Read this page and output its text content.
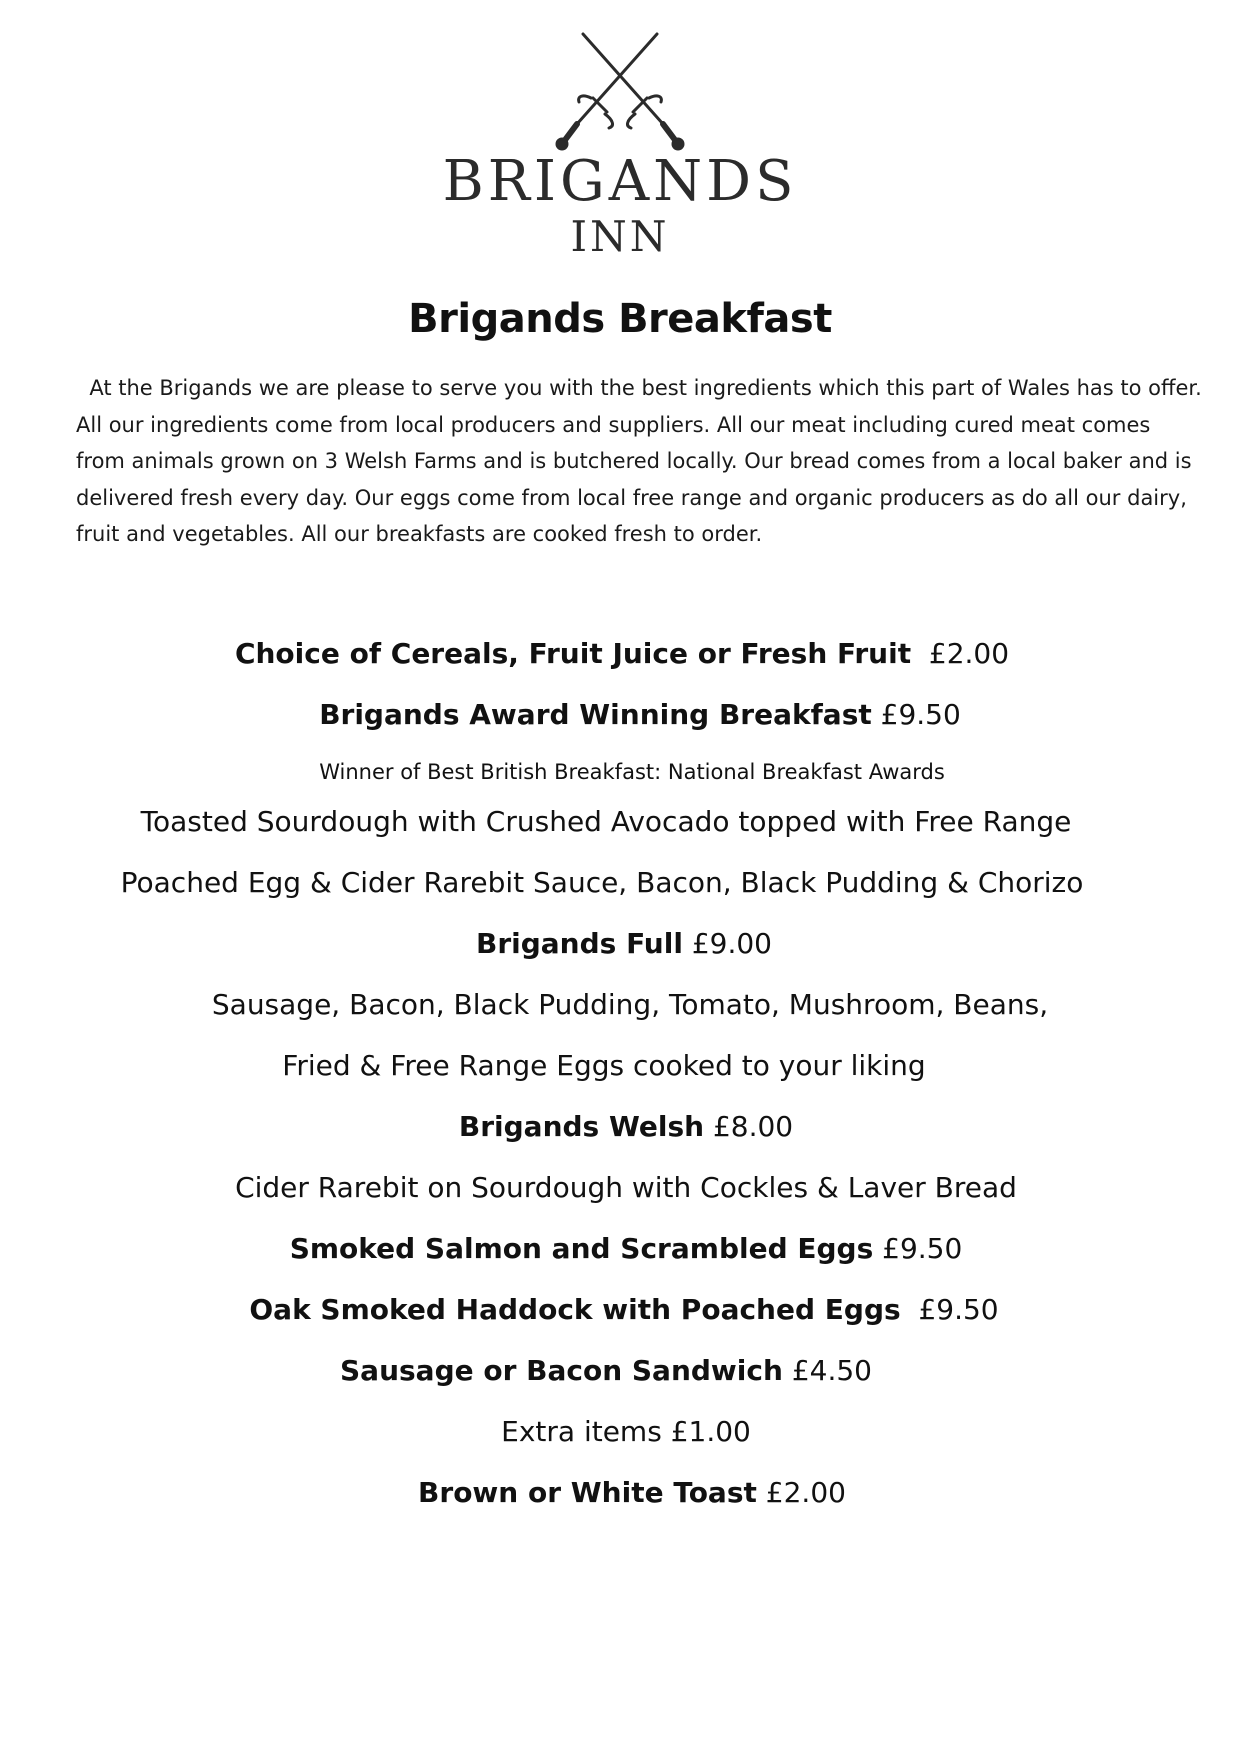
BRIGANDS
INN
Brigands Breakfast
At the Brigands we are please to serve you with the best ingredients which this part of Wales has to offer.
All our ingredients come from local producers and suppliers. All our meat including cured meat comes
from animals grown on 3 Welsh Farms and is butchered locally. Our bread comes from a local baker and is
delivered fresh every day. Our eggs come from local free range and organic producers as do all our dairy,
fruit and vegetables. All our breakfasts are cooked fresh to order.
Choice of Cereals, Fruit Juice or Fresh Fruit  £2.00
Brigands Award Winning Breakfast £9.50
Winner of Best British Breakfast: National Breakfast Awards
Toasted Sourdough with Crushed Avocado topped with Free Range
Poached Egg & Cider Rarebit Sauce, Bacon, Black Pudding & Chorizo
Brigands Full £9.00
Sausage, Bacon, Black Pudding, Tomato, Mushroom, Beans,
Fried & Free Range Eggs cooked to your liking
Brigands Welsh £8.00
Cider Rarebit on Sourdough with Cockles & Laver Bread
Smoked Salmon and Scrambled Eggs £9.50
Oak Smoked Haddock with Poached Eggs  £9.50
Sausage or Bacon Sandwich £4.50
Extra items £1.00
Brown or White Toast £2.00
